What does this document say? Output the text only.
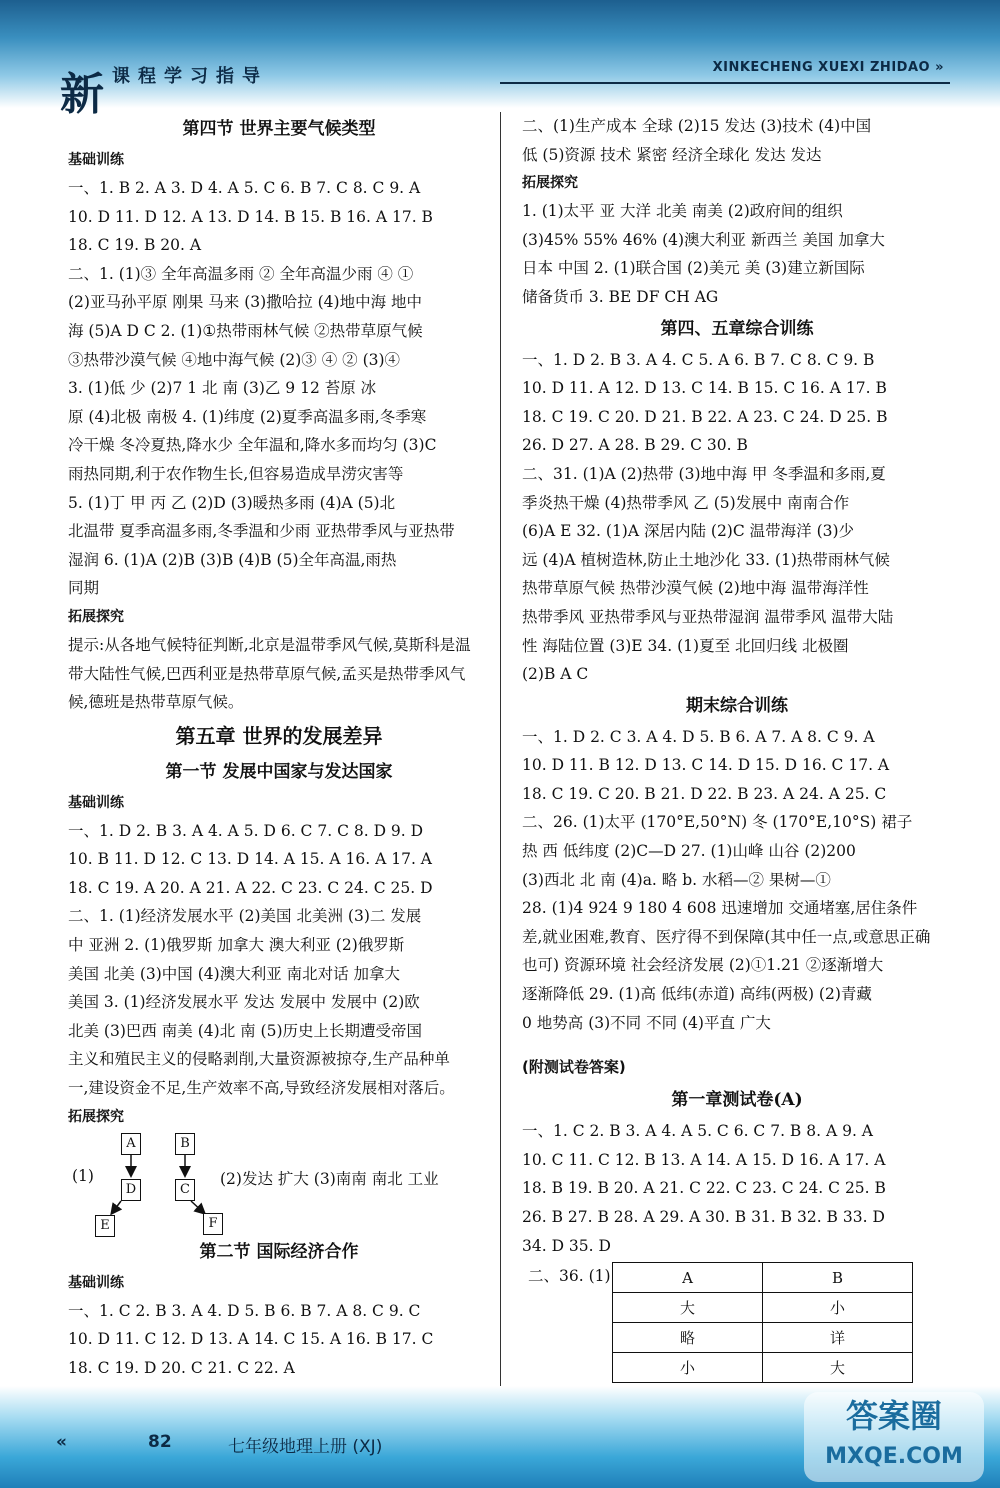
新 课程学习指导	XINKECHENG XUEXI ZHIDAO »
第四节 世界主要气候类型
基础训练
一、1. B 2. A 3. D 4. A 5. C 6. B 7. C 8. C 9. A
10. D 11. D 12. A 13. D 14. B 15. B 16. A 17. B
18. C 19. B 20. A
二、1. (1)③ 全年高温多雨 ② 全年高温少雨 ④ ①
(2)亚马孙平原 刚果 马来 (3)撒哈拉 (4)地中海 地中
海 (5)A D C 2. (1)①热带雨林气候 ②热带草原气候
③热带沙漠气候 ④地中海气候 (2)③ ④ ② (3)④
3. (1)低 少 (2)7 1 北 南 (3)乙 9 12 苔原 冰
原 (4)北极 南极 4. (1)纬度 (2)夏季高温多雨,冬季寒
冷干燥 冬冷夏热,降水少 全年温和,降水多而均匀 (3)C
雨热同期,利于农作物生长,但容易造成旱涝灾害等
5. (1)丁 甲 丙 乙 (2)D (3)暖热多雨 (4)A (5)北
北温带 夏季高温多雨,冬季温和少雨 亚热带季风与亚热带
湿润 6. (1)A (2)B (3)B (4)B (5)全年高温,雨热
同期
拓展探究
提示:从各地气候特征判断,北京是温带季风气候,莫斯科是温
带大陆性气候,巴西利亚是热带草原气候,孟买是热带季风气
候,德班是热带草原气候。
第五章 世界的发展差异
第一节 发展中国家与发达国家
基础训练
一、1. D 2. B 3. A 4. A 5. D 6. C 7. C 8. D 9. D
10. B 11. D 12. C 13. D 14. A 15. A 16. A 17. A
18. C 19. A 20. A 21. A 22. C 23. C 24. C 25. D
二、1. (1)经济发展水平 (2)美国 北美洲 (3)二 发展
中 亚洲 2. (1)俄罗斯 加拿大 澳大利亚 (2)俄罗斯
美国 北美 (3)中国 (4)澳大利亚 南北对话 加拿大
美国 3. (1)经济发展水平 发达 发展中 发展中 (2)欧
北美 (3)巴西 南美 (4)北 南 (5)历史上长期遭受帝国
主义和殖民主义的侵略剥削,大量资源被掠夺,生产品种单
一,建设资金不足,生产效率不高,导致经济发展相对落后。
拓展探究
(1)
A	B
D	C
E	F
(2)发达 扩大 (3)南南 南北 工业
第二节 国际经济合作
基础训练
一、1. C 2. B 3. A 4. D 5. B 6. B 7. A 8. C 9. C
10. D 11. C 12. D 13. A 14. C 15. A 16. B 17. C
18. C 19. D 20. C 21. C 22. A
二、(1)生产成本 全球 (2)15 发达 (3)技术 (4)中国
低 (5)资源 技术 紧密 经济全球化 发达 发达
拓展探究
1. (1)太平 亚 大洋 北美 南美 (2)政府间的组织
(3)45% 55% 46% (4)澳大利亚 新西兰 美国 加拿大
日本 中国 2. (1)联合国 (2)美元 美 (3)建立新国际
储备货币 3. BE DF CH AG
第四、五章综合训练
一、1. D 2. B 3. A 4. C 5. A 6. B 7. C 8. C 9. B
10. D 11. A 12. D 13. C 14. B 15. C 16. A 17. B
18. C 19. C 20. D 21. B 22. A 23. C 24. D 25. B
26. D 27. A 28. B 29. C 30. B
二、31. (1)A (2)热带 (3)地中海 甲 冬季温和多雨,夏
季炎热干燥 (4)热带季风 乙 (5)发展中 南南合作
(6)A E 32. (1)A 深居内陆 (2)C 温带海洋 (3)少
远 (4)A 植树造林,防止土地沙化 33. (1)热带雨林气候
热带草原气候 热带沙漠气候 (2)地中海 温带海洋性
热带季风 亚热带季风与亚热带湿润 温带季风 温带大陆
性 海陆位置 (3)E 34. (1)夏至 北回归线 北极圈
(2)B A C
期末综合训练
一、1. D 2. C 3. A 4. D 5. B 6. A 7. A 8. C 9. A
10. D 11. B 12. D 13. C 14. D 15. D 16. C 17. A
18. C 19. C 20. B 21. D 22. B 23. A 24. A 25. C
二、26. (1)太平 (170°E,50°N) 冬 (170°E,10°S) 裙子
热 西 低纬度 (2)C—D 27. (1)山峰 山谷 (2)200
(3)西北 北 南 (4)a. 略 b. 水稻—② 果树—①
28. (1)4 924 9 180 4 608 迅速增加 交通堵塞,居住条件
差,就业困难,教育、医疗得不到保障(其中任一点,或意思正确
也可) 资源环境 社会经济发展 (2)①1.21 ②逐渐增大
逐渐降低 29. (1)高 低纬(赤道) 高纬(两极) (2)青藏
0 地势高 (3)不同 不同 (4)平直 广大
(附测试卷答案)
第一章测试卷(A)
一、1. C 2. B 3. A 4. A 5. C 6. C 7. B 8. A 9. A
10. C 11. C 12. B 13. A 14. A 15. D 16. A 17. A
18. B 19. B 20. A 21. C 22. C 23. C 24. C 25. B
26. B 27. B 28. A 29. A 30. B 31. B 32. B 33. D
34. D 35. D
二、36. (1)	A	B
大	小
略	详
小	大
«	82	七年级地理上册 (XJ)
答案圈
MXQE.COM
